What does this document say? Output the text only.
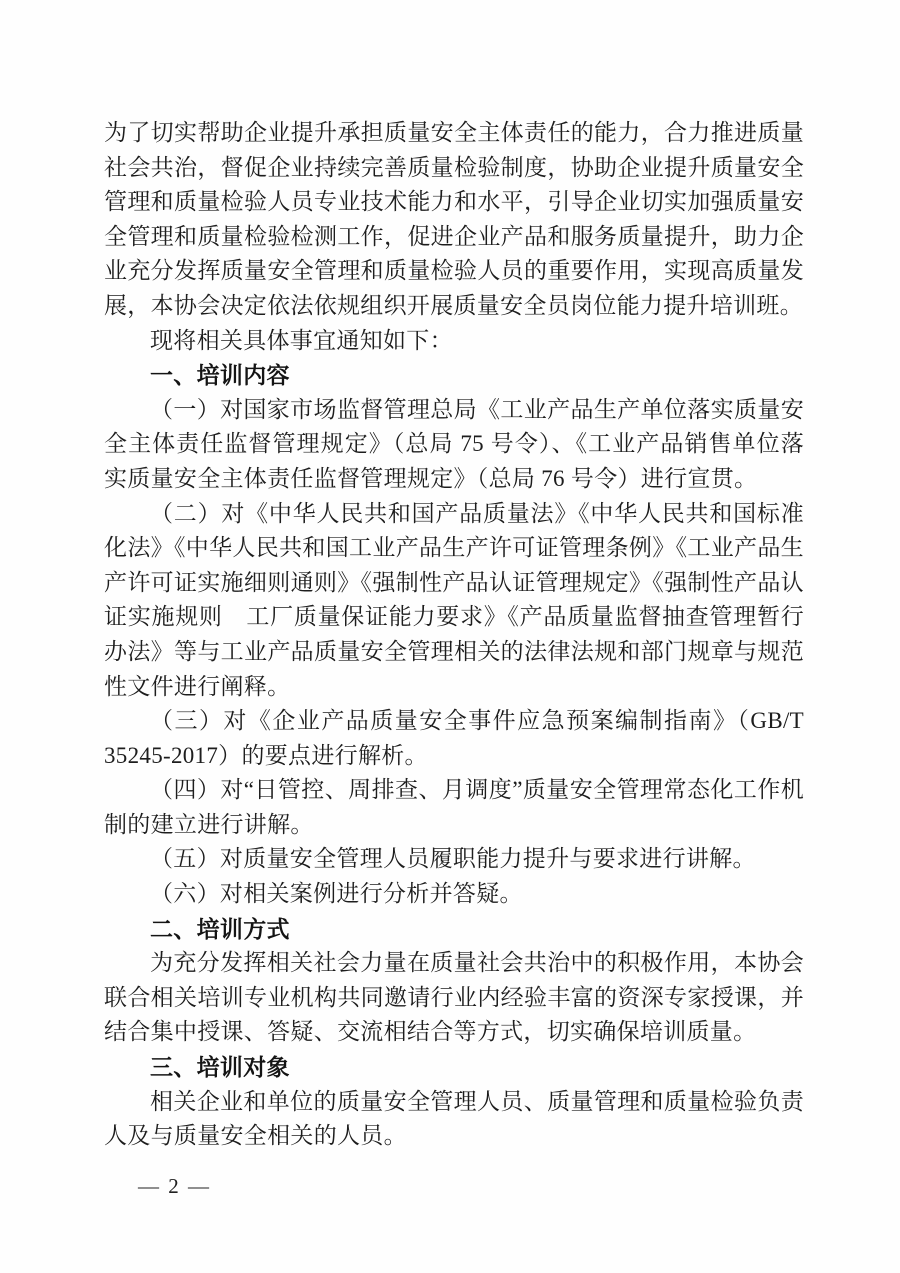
为了切实帮助企业提升承担质量安全主体责任的能力，合力推进质量社会共治，督促企业持续完善质量检验制度，协助企业提升质量安全管理和质量检验人员专业技术能力和水平，引导企业切实加强质量安全管理和质量检验检测工作，促进企业产品和服务质量提升，助力企业充分发挥质量安全管理和质量检验人员的重要作用，实现高质量发展，本协会决定依法依规组织开展质量安全员岗位能力提升培训班。

现将相关具体事宜通知如下：

一、培训内容

（一）对国家市场监督管理总局《工业产品生产单位落实质量安全主体责任监督管理规定》（总局 75 号令）、《工业产品销售单位落实质量安全主体责任监督管理规定》（总局 76 号令）进行宣贯。

（二）对《中华人民共和国产品质量法》《中华人民共和国标准化法》《中华人民共和国工业产品生产许可证管理条例》《工业产品生产许可证实施细则通则》《强制性产品认证管理规定》《强制性产品认证实施规则　工厂质量保证能力要求》《产品质量监督抽查管理暂行办法》等与工业产品质量安全管理相关的法律法规和部门规章与规范性文件进行阐释。

（三）对《企业产品质量安全事件应急预案编制指南》（GB/T 35245-2017）的要点进行解析。

（四）对“日管控、周排查、月调度”质量安全管理常态化工作机制的建立进行讲解。

（五）对质量安全管理人员履职能力提升与要求进行讲解。

（六）对相关案例进行分析并答疑。

二、培训方式

为充分发挥相关社会力量在质量社会共治中的积极作用，本协会联合相关培训专业机构共同邀请行业内经验丰富的资深专家授课，并结合集中授课、答疑、交流相结合等方式，切实确保培训质量。

三、培训对象

相关企业和单位的质量安全管理人员、质量管理和质量检验负责人及与质量安全相关的人员。

— 2 —
